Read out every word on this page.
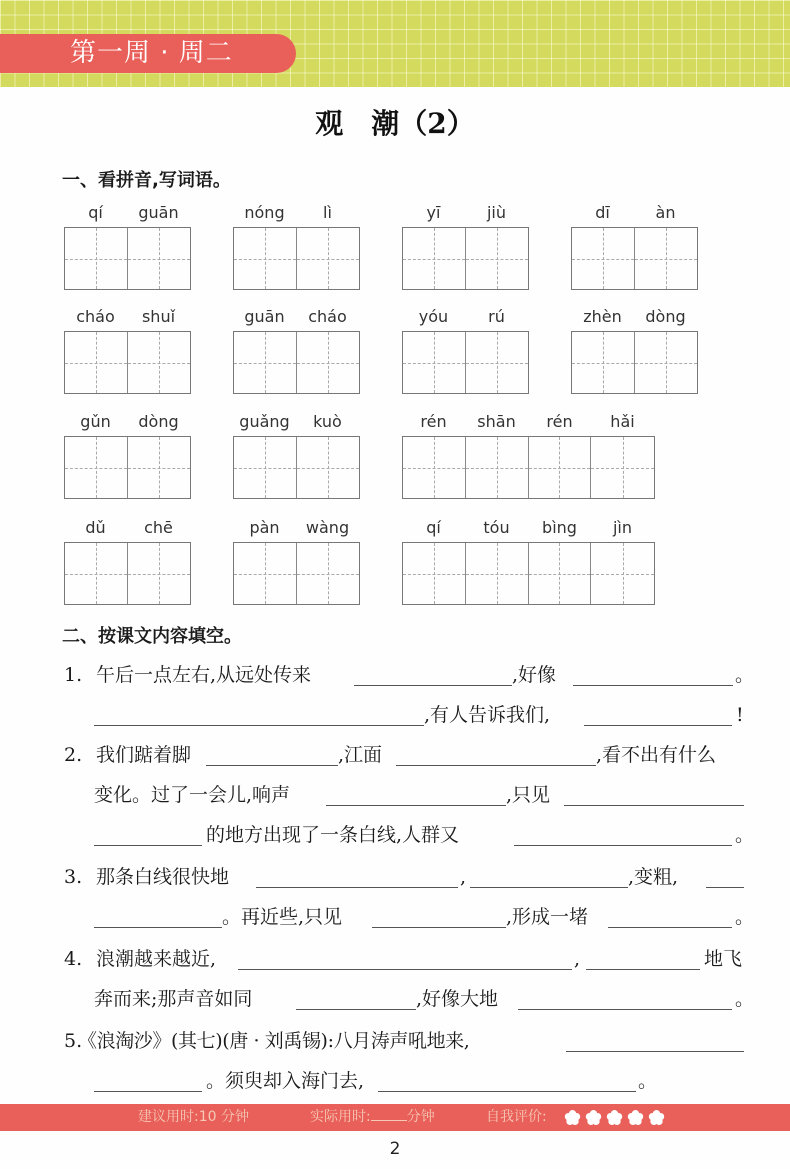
第一周 · 周二
观　潮（2）
一、看拼音,写词语。
qí	guān	nóng	lì	yī	jiù	dī	àn
cháo	shuǐ	guān	cháo	yóu	rú	zhèn	dòng
gǔn	dòng	guǎng	kuò	rén	shān	rén	hǎi
dǔ	chē	pàn	wàng	qí	tóu	bìng	jìn
二、按课文内容填空。
1. 午后一点左右,从远处传来	,好像	。
,有人告诉我们,	!
2. 我们踮着脚	,江面	,看不出有什么
变化。过了一会儿,响声	,只见
的地方出现了一条白线,人群又	。
3. 那条白线很快地	,	,变粗,
。再近些,只见	,形成一堵	。
4. 浪潮越来越近,	,	地飞
奔而来;那声音如同	,好像大地	。
5.
《浪淘沙》(其七)(唐 · 刘禹锡):八月涛声吼地来,
。须臾却入海门去,	。
建议用时:10 分钟	实际用时:	分钟	自我评价:
2
